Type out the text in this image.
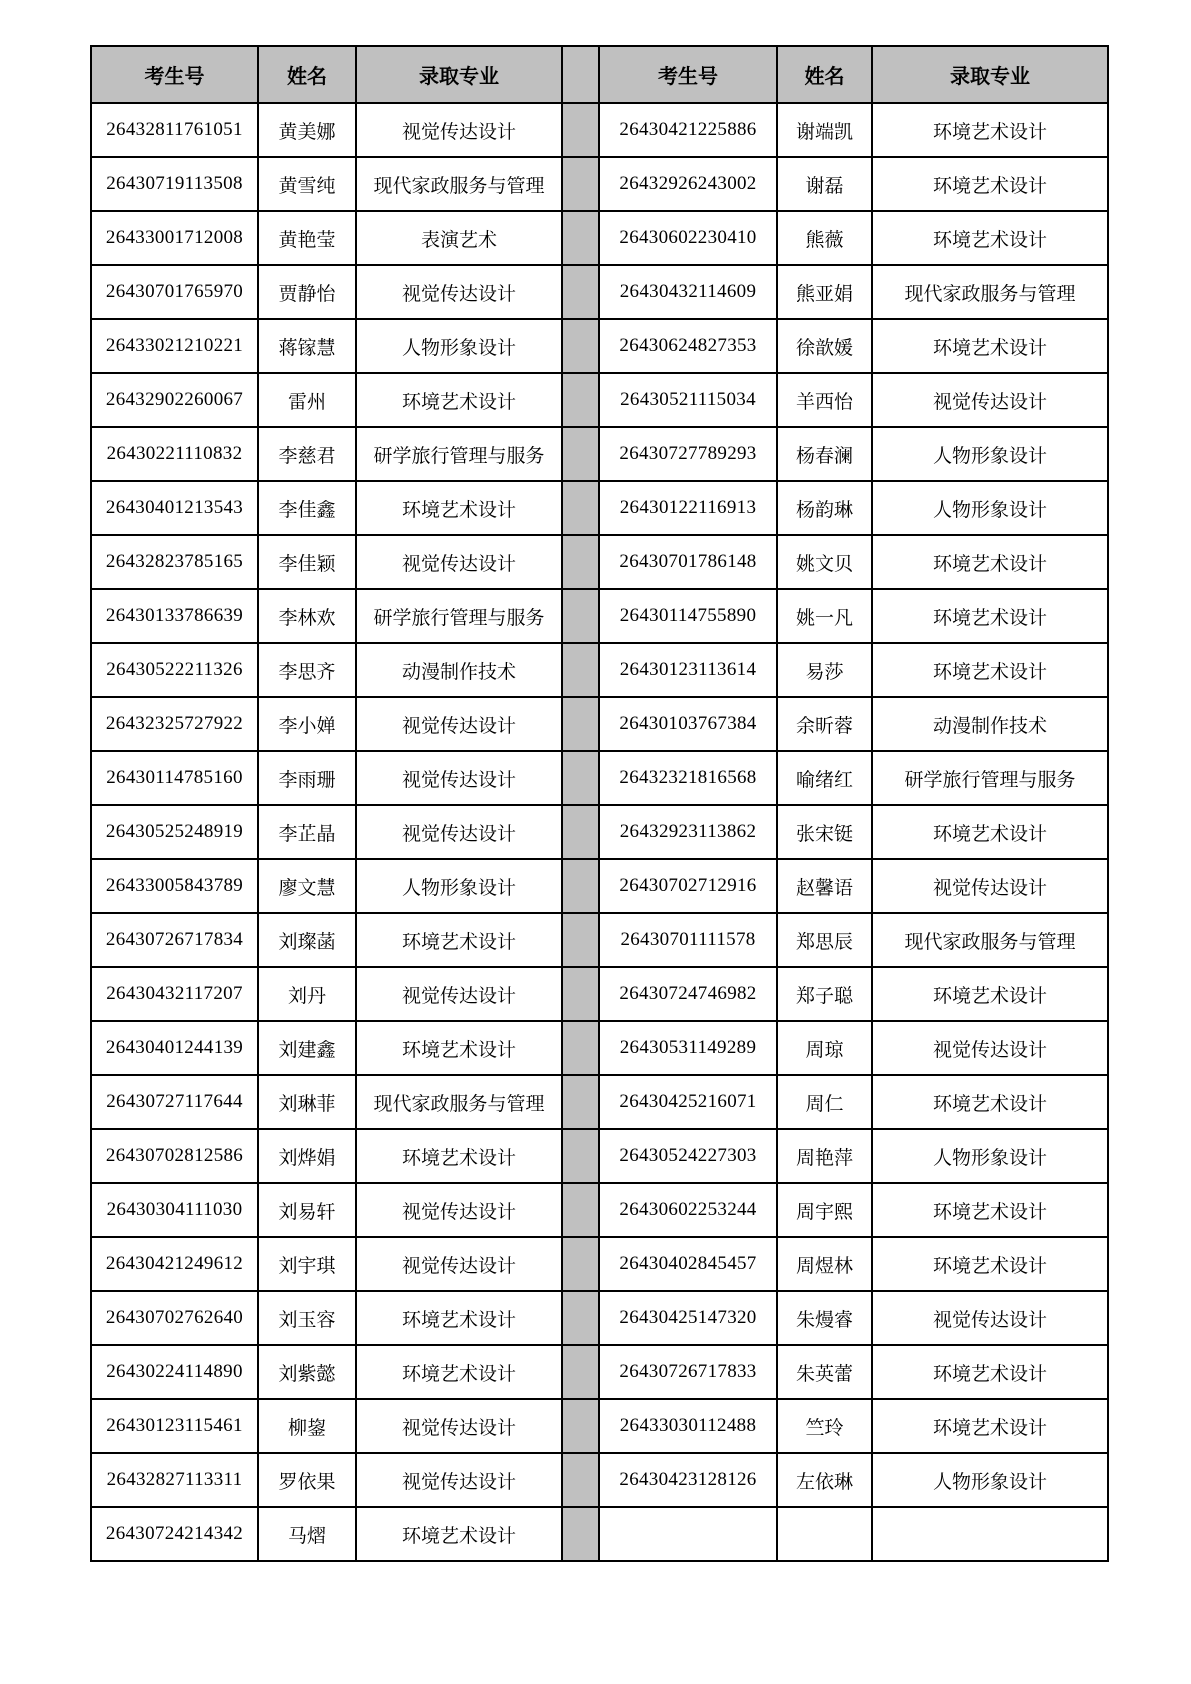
考生号	姓名	录取专业		考生号	姓名	录取专业
26432811761051	黄美娜	视觉传达设计		26430421225886	谢端凯	环境艺术设计
26430719113508	黄雪纯	现代家政服务与管理		26432926243002	谢磊	环境艺术设计
26433001712008	黄艳莹	表演艺术		26430602230410	熊薇	环境艺术设计
26430701765970	贾静怡	视觉传达设计		26430432114609	熊亚娟	现代家政服务与管理
26433021210221	蒋镓慧	人物形象设计		26430624827353	徐歆媛	环境艺术设计
26432902260067	雷州	环境艺术设计		26430521115034	羊西怡	视觉传达设计
26430221110832	李慈君	研学旅行管理与服务		26430727789293	杨春澜	人物形象设计
26430401213543	李佳鑫	环境艺术设计		26430122116913	杨韵琳	人物形象设计
26432823785165	李佳颖	视觉传达设计		26430701786148	姚文贝	环境艺术设计
26430133786639	李林欢	研学旅行管理与服务		26430114755890	姚一凡	环境艺术设计
26430522211326	李思齐	动漫制作技术		26430123113614	易莎	环境艺术设计
26432325727922	李小婵	视觉传达设计		26430103767384	余昕蓉	动漫制作技术
26430114785160	李雨珊	视觉传达设计		26432321816568	喻绪红	研学旅行管理与服务
26430525248919	李芷晶	视觉传达设计		26432923113862	张宋铤	环境艺术设计
26433005843789	廖文慧	人物形象设计		26430702712916	赵馨语	视觉传达设计
26430726717834	刘璨菡	环境艺术设计		26430701111578	郑思辰	现代家政服务与管理
26430432117207	刘丹	视觉传达设计		26430724746982	郑子聪	环境艺术设计
26430401244139	刘建鑫	环境艺术设计		26430531149289	周琼	视觉传达设计
26430727117644	刘琳菲	现代家政服务与管理		26430425216071	周仁	环境艺术设计
26430702812586	刘烨娟	环境艺术设计		26430524227303	周艳萍	人物形象设计
26430304111030	刘易轩	视觉传达设计		26430602253244	周宇熙	环境艺术设计
26430421249612	刘宇琪	视觉传达设计		26430402845457	周煜林	环境艺术设计
26430702762640	刘玉容	环境艺术设计		26430425147320	朱熳睿	视觉传达设计
26430224114890	刘紫懿	环境艺术设计		26430726717833	朱英蕾	环境艺术设计
26430123115461	柳鋆	视觉传达设计		26433030112488	竺玲	环境艺术设计
26432827113311	罗依果	视觉传达设计		26430423128126	左依琳	人物形象设计
26430724214342	马熠	环境艺术设计				
